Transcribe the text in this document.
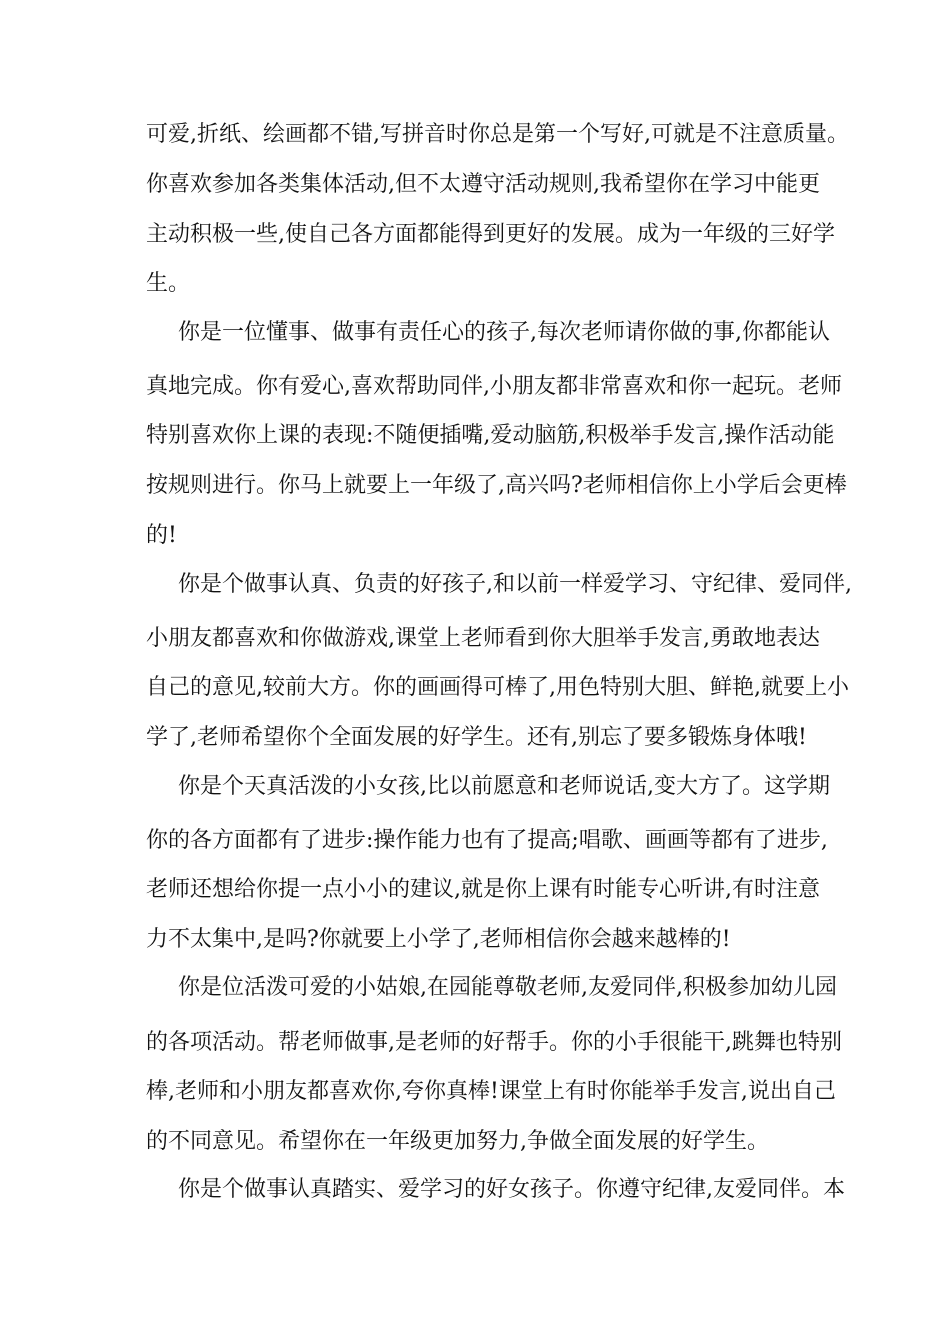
可爱,折纸、绘画都不错,写拼音时你总是第一个写好,可就是不注意质量。
你喜欢参加各类集体活动,但不太遵守活动规则,我希望你在学习中能更
主动积极一些,使自己各方面都能得到更好的发展。成为一年级的三好学
生。
你是一位懂事、做事有责任心的孩子,每次老师请你做的事,你都能认
真地完成。你有爱心,喜欢帮助同伴,小朋友都非常喜欢和你一起玩。老师
特别喜欢你上课的表现:不随便插嘴,爱动脑筋,积极举手发言,操作活动能
按规则进行。你马上就要上一年级了,高兴吗?老师相信你上小学后会更棒
的!
你是个做事认真、负责的好孩子,和以前一样爱学习、守纪律、爱同伴,
小朋友都喜欢和你做游戏,课堂上老师看到你大胆举手发言,勇敢地表达
自己的意见,较前大方。你的画画得可棒了,用色特别大胆、鲜艳,就要上小
学了,老师希望你个全面发展的好学生。还有,别忘了要多锻炼身体哦!
你是个天真活泼的小女孩,比以前愿意和老师说话,变大方了。这学期
你的各方面都有了进步:操作能力也有了提高;唱歌、画画等都有了进步,
老师还想给你提一点小小的建议,就是你上课有时能专心听讲,有时注意
力不太集中,是吗?你就要上小学了,老师相信你会越来越棒的!
你是位活泼可爱的小姑娘,在园能尊敬老师,友爱同伴,积极参加幼儿园
的各项活动。帮老师做事,是老师的好帮手。你的小手很能干,跳舞也特别
棒,老师和小朋友都喜欢你,夸你真棒!课堂上有时你能举手发言,说出自己
的不同意见。希望你在一年级更加努力,争做全面发展的好学生。
你是个做事认真踏实、爱学习的好女孩子。你遵守纪律,友爱同伴。本
